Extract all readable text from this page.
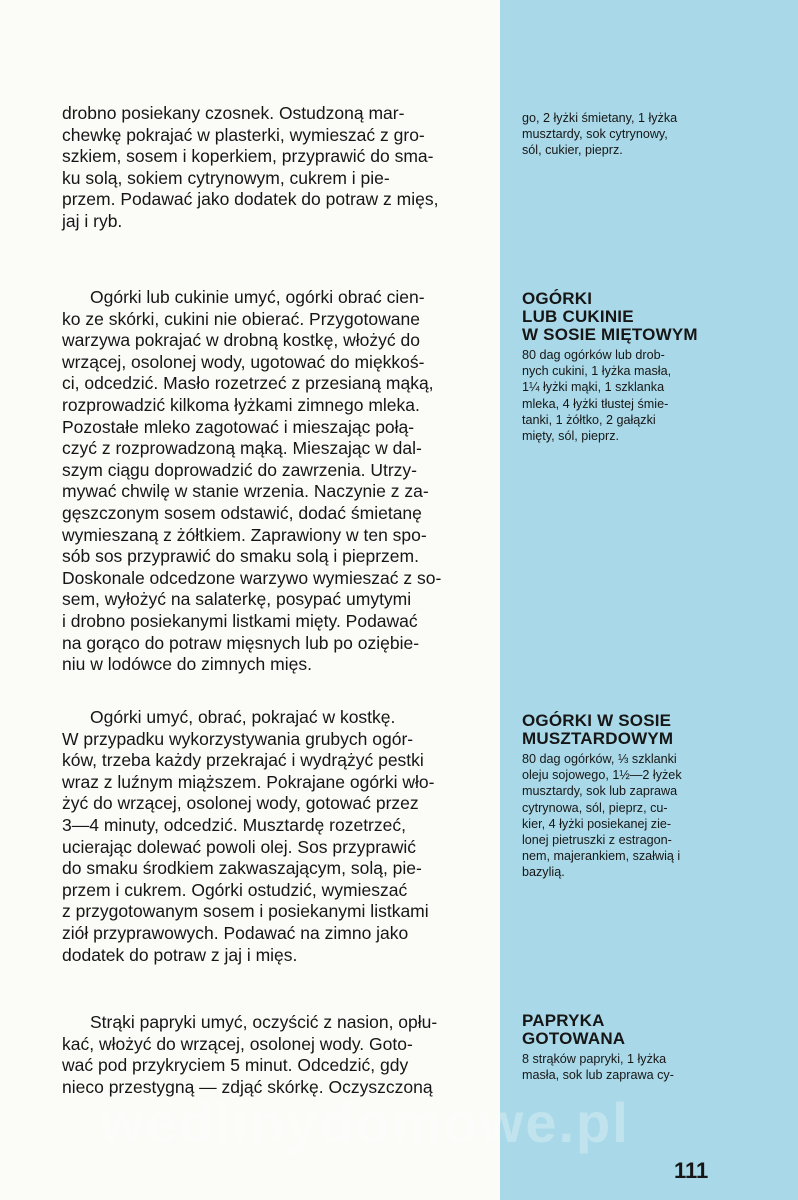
wedlinydomowe.pl

drobno posiekany czosnek. Ostudzoną mar-
chewkę pokrajać w plasterki, wymieszać z gro-
szkiem, sosem i koperkiem, przyprawić do sma-
ku solą, sokiem cytrynowym, cukrem i pie-
przem. Podawać jako dodatek do potraw z mięs,
jaj i ryb.

Ogórki lub cukinie umyć, ogórki obrać cien-
ko ze skórki, cukini nie obierać. Przygotowane
warzywa pokrajać w drobną kostkę, włożyć do
wrzącej, osolonej wody, ugotować do miękkoś-
ci, odcedzić. Masło rozetrzeć z przesianą mąką,
rozprowadzić kilkoma łyżkami zimnego mleka.
Pozostałe mleko zagotować i mieszając połą-
czyć z rozprowadzoną mąką. Mieszając w dal-
szym ciągu doprowadzić do zawrzenia. Utrzy-
mywać chwilę w stanie wrzenia. Naczynie z za-
gęszczonym sosem odstawić, dodać śmietanę
wymieszaną z żółtkiem. Zaprawiony w ten spo-
sób sos przyprawić do smaku solą i pieprzem.
Doskonale odcedzone warzywo wymieszać z so-
sem, wyłożyć na salaterkę, posypać umytymi
i drobno posiekanymi listkami mięty. Podawać
na gorąco do potraw mięsnych lub po oziębie-
niu w lodówce do zimnych mięs.

Ogórki umyć, obrać, pokrajać w kostkę.
W przypadku wykorzystywania grubych ogór-
ków, trzeba każdy przekrajać i wydrążyć pestki
wraz z luźnym miąższem. Pokrajane ogórki wło-
żyć do wrzącej, osolonej wody, gotować przez
3—4 minuty, odcedzić. Musztardę rozetrzeć,
ucierając dolewać powoli olej. Sos przyprawić
do smaku środkiem zakwaszającym, solą, pie-
przem i cukrem. Ogórki ostudzić, wymieszać
z przygotowanym sosem i posiekanymi listkami
ziół przyprawowych. Podawać na zimno jako
dodatek do potraw z jaj i mięs.

Strąki papryki umyć, oczyścić z nasion, opłu-
kać, włożyć do wrzącej, osolonej wody. Goto-
wać pod przykryciem 5 minut. Odcedzić, gdy
nieco przestygną — zdjąć skórkę. Oczyszczoną

go, 2 łyżki śmietany, 1 łyżka
musztardy, sok cytrynowy,
sól, cukier, pieprz.

OGÓRKI
LUB CUKINIE
W SOSIE MIĘTOWYM

80 dag ogórków lub drob-
nych cukini, 1 łyżka masła,
1¼ łyżki mąki, 1 szklanka
mleka, 4 łyżki tłustej śmie-
tanki, 1 żółtko, 2 gałązki
mięty, sól, pieprz.

OGÓRKI W SOSIE
MUSZTARDOWYM

80 dag ogórków, ⅓ szklanki
oleju sojowego, 1½—2 łyżek
musztardy, sok lub zaprawa
cytrynowa, sól, pieprz, cu-
kier, 4 łyżki posiekanej zie-
lonej pietruszki z estragon-
nem, majerankiem, szałwią i
bazylią.

PAPRYKA
GOTOWANA

8 strąków papryki, 1 łyżka
masła, sok lub zaprawa cy-

111
